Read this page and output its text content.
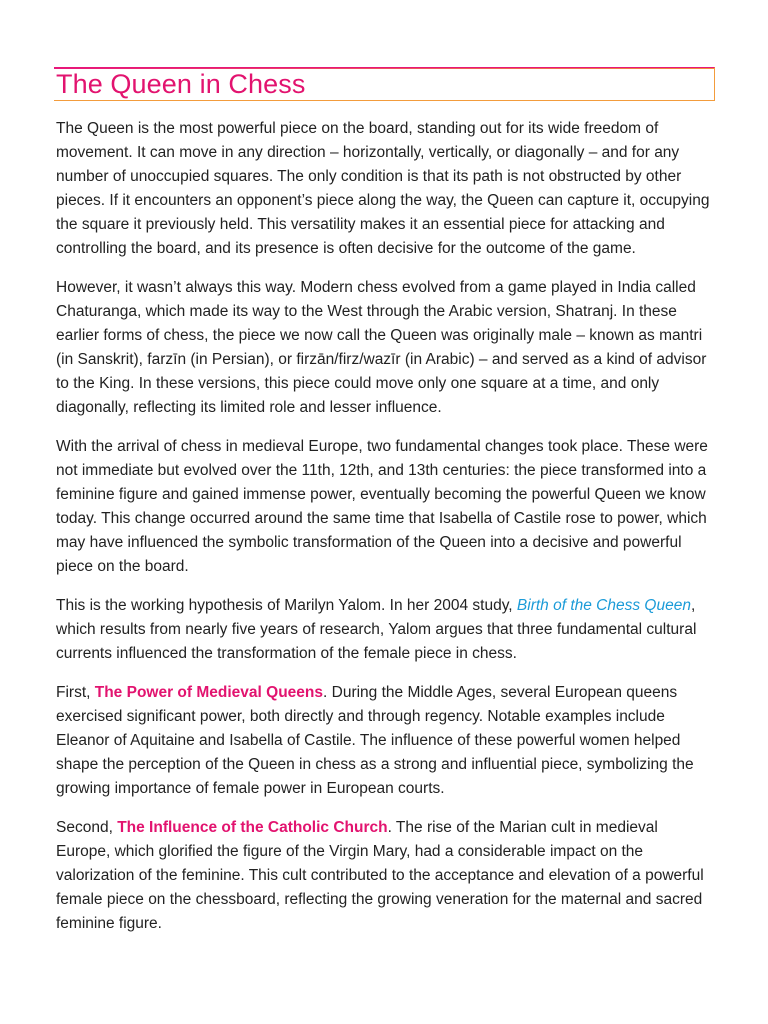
The Queen in Chess

The Queen is the most powerful piece on the board, standing out for its wide freedom of movement. It can move in any direction – horizontally, vertically, or diagonally – and for any number of unoccupied squares. The only condition is that its path is not obstructed by other pieces. If it encounters an opponent’s piece along the way, the Queen can capture it, occupying the square it previously held. This versatility makes it an essential piece for attacking and controlling the board, and its presence is often decisive for the outcome of the game.

However, it wasn’t always this way. Modern chess evolved from a game played in India called Chaturanga, which made its way to the West through the Arabic version, Shatranj. In these earlier forms of chess, the piece we now call the Queen was originally male – known as mantri (in Sanskrit), farzīn (in Persian), or firzān/firz/wazīr (in Arabic) – and served as a kind of advisor to the King. In these versions, this piece could move only one square at a time, and only diagonally, reflecting its limited role and lesser influence.

With the arrival of chess in medieval Europe, two fundamental changes took place. These were not immediate but evolved over the 11th, 12th, and 13th centuries: the piece transformed into a feminine figure and gained immense power, eventually becoming the powerful Queen we know today. This change occurred around the same time that Isabella of Castile rose to power, which may have influenced the symbolic transformation of the Queen into a decisive and powerful piece on the board.

This is the working hypothesis of Marilyn Yalom. In her 2004 study, Birth of the Chess Queen, which results from nearly five years of research, Yalom argues that three fundamental cultural currents influenced the transformation of the female piece in chess.

First, The Power of Medieval Queens. During the Middle Ages, several European queens exercised significant power, both directly and through regency. Notable examples include Eleanor of Aquitaine and Isabella of Castile. The influence of these powerful women helped shape the perception of the Queen in chess as a strong and influential piece, symbolizing the growing importance of female power in European courts.

Second, The Influence of the Catholic Church. The rise of the Marian cult in medieval Europe, which glorified the figure of the Virgin Mary, had a considerable impact on the valorization of the feminine. This cult contributed to the acceptance and elevation of a powerful female piece on the chessboard, reflecting the growing veneration for the maternal and sacred feminine figure.
